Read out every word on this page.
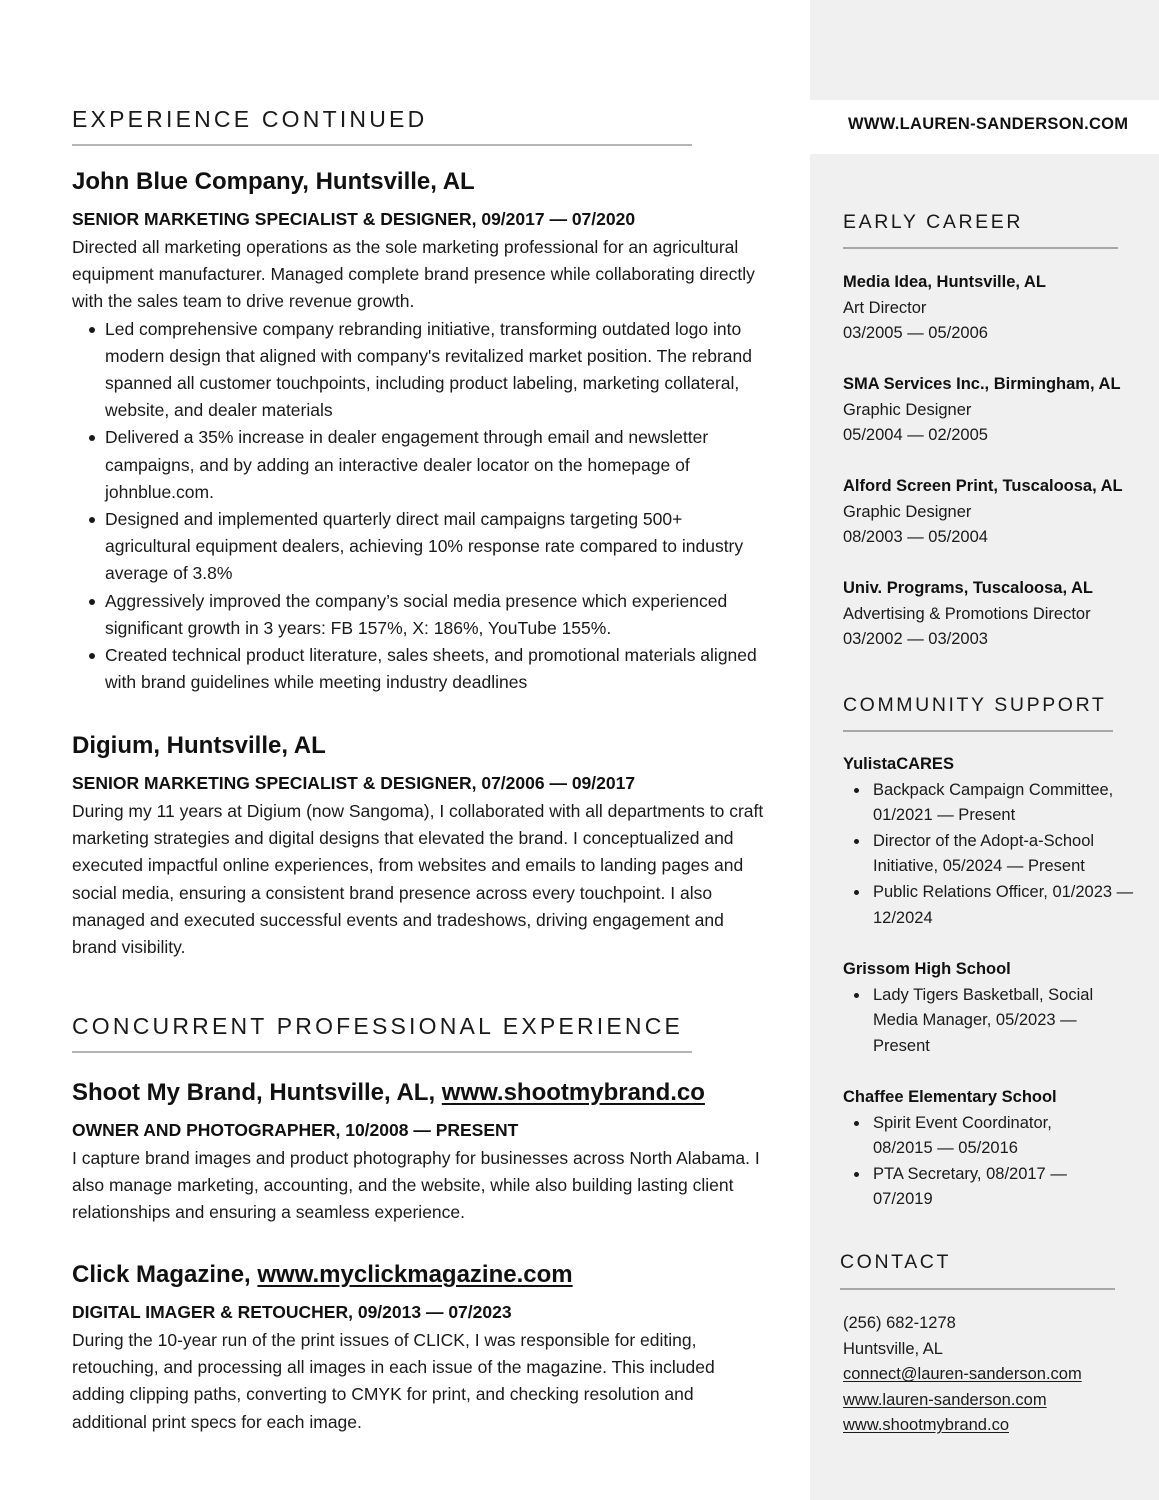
EXPERIENCE CONTINUED
John Blue Company, Huntsville, AL
SENIOR MARKETING SPECIALIST & DESIGNER, 09/2017 — 07/2020
Directed all marketing operations as the sole marketing professional for an agricultural equipment manufacturer. Managed complete brand presence while collaborating directly with the sales team to drive revenue growth.
Led comprehensive company rebranding initiative, transforming outdated logo into modern design that aligned with company's revitalized market position. The rebrand spanned all customer touchpoints, including product labeling, marketing collateral, website, and dealer materials
Delivered a 35% increase in dealer engagement through email and newsletter campaigns, and by adding an interactive dealer locator on the homepage of johnblue.com.
Designed and implemented quarterly direct mail campaigns targeting 500+ agricultural equipment dealers, achieving 10% response rate compared to industry average of 3.8%
Aggressively improved the company’s social media presence which experienced significant growth in 3 years: FB 157%, X: 186%, YouTube 155%.
Created technical product literature, sales sheets, and promotional materials aligned with brand guidelines while meeting industry deadlines
Digium, Huntsville, AL
SENIOR MARKETING SPECIALIST & DESIGNER, 07/2006 — 09/2017
During my 11 years at Digium (now Sangoma), I collaborated with all departments to craft marketing strategies and digital designs that elevated the brand. I conceptualized and executed impactful online experiences, from websites and emails to landing pages and social media, ensuring a consistent brand presence across every touchpoint. I also managed and executed successful events and tradeshows, driving engagement and brand visibility.
CONCURRENT PROFESSIONAL EXPERIENCE
Shoot My Brand, Huntsville, AL, www.shootmybrand.co
OWNER AND PHOTOGRAPHER, 10/2008 — PRESENT
I capture brand images and product photography for businesses across North Alabama. I also manage marketing, accounting, and the website, while also building lasting client relationships and ensuring a seamless experience.
Click Magazine, www.myclickmagazine.com
DIGITAL IMAGER & RETOUCHER, 09/2013 — 07/2023
During the 10-year run of the print issues of CLICK, I was responsible for editing, retouching, and processing all images in each issue of the magazine. This included adding clipping paths, converting to CMYK for print, and checking resolution and additional print specs for each image.
WWW.LAUREN-SANDERSON.COM
EARLY CAREER
Media Idea, Huntsville, AL
Art Director
03/2005 — 05/2006
SMA Services Inc., Birmingham, AL
Graphic Designer
05/2004 — 02/2005
Alford Screen Print, Tuscaloosa, AL
Graphic Designer
08/2003 — 05/2004
Univ. Programs, Tuscaloosa, AL
Advertising & Promotions Director
03/2002 — 03/2003
COMMUNITY SUPPORT
YulistaCARES
Backpack Campaign Committee, 01/2021 — Present
Director of the Adopt-a-School Initiative, 05/2024 — Present
Public Relations Officer, 01/2023 — 12/2024
Grissom High School
Lady Tigers Basketball, Social Media Manager, 05/2023 — Present
Chaffee Elementary School
Spirit Event Coordinator, 08/2015 — 05/2016
PTA Secretary, 08/2017 — 07/2019
CONTACT
(256) 682-1278
Huntsville, AL
connect@lauren-sanderson.com
www.lauren-sanderson.com
www.shootmybrand.co
